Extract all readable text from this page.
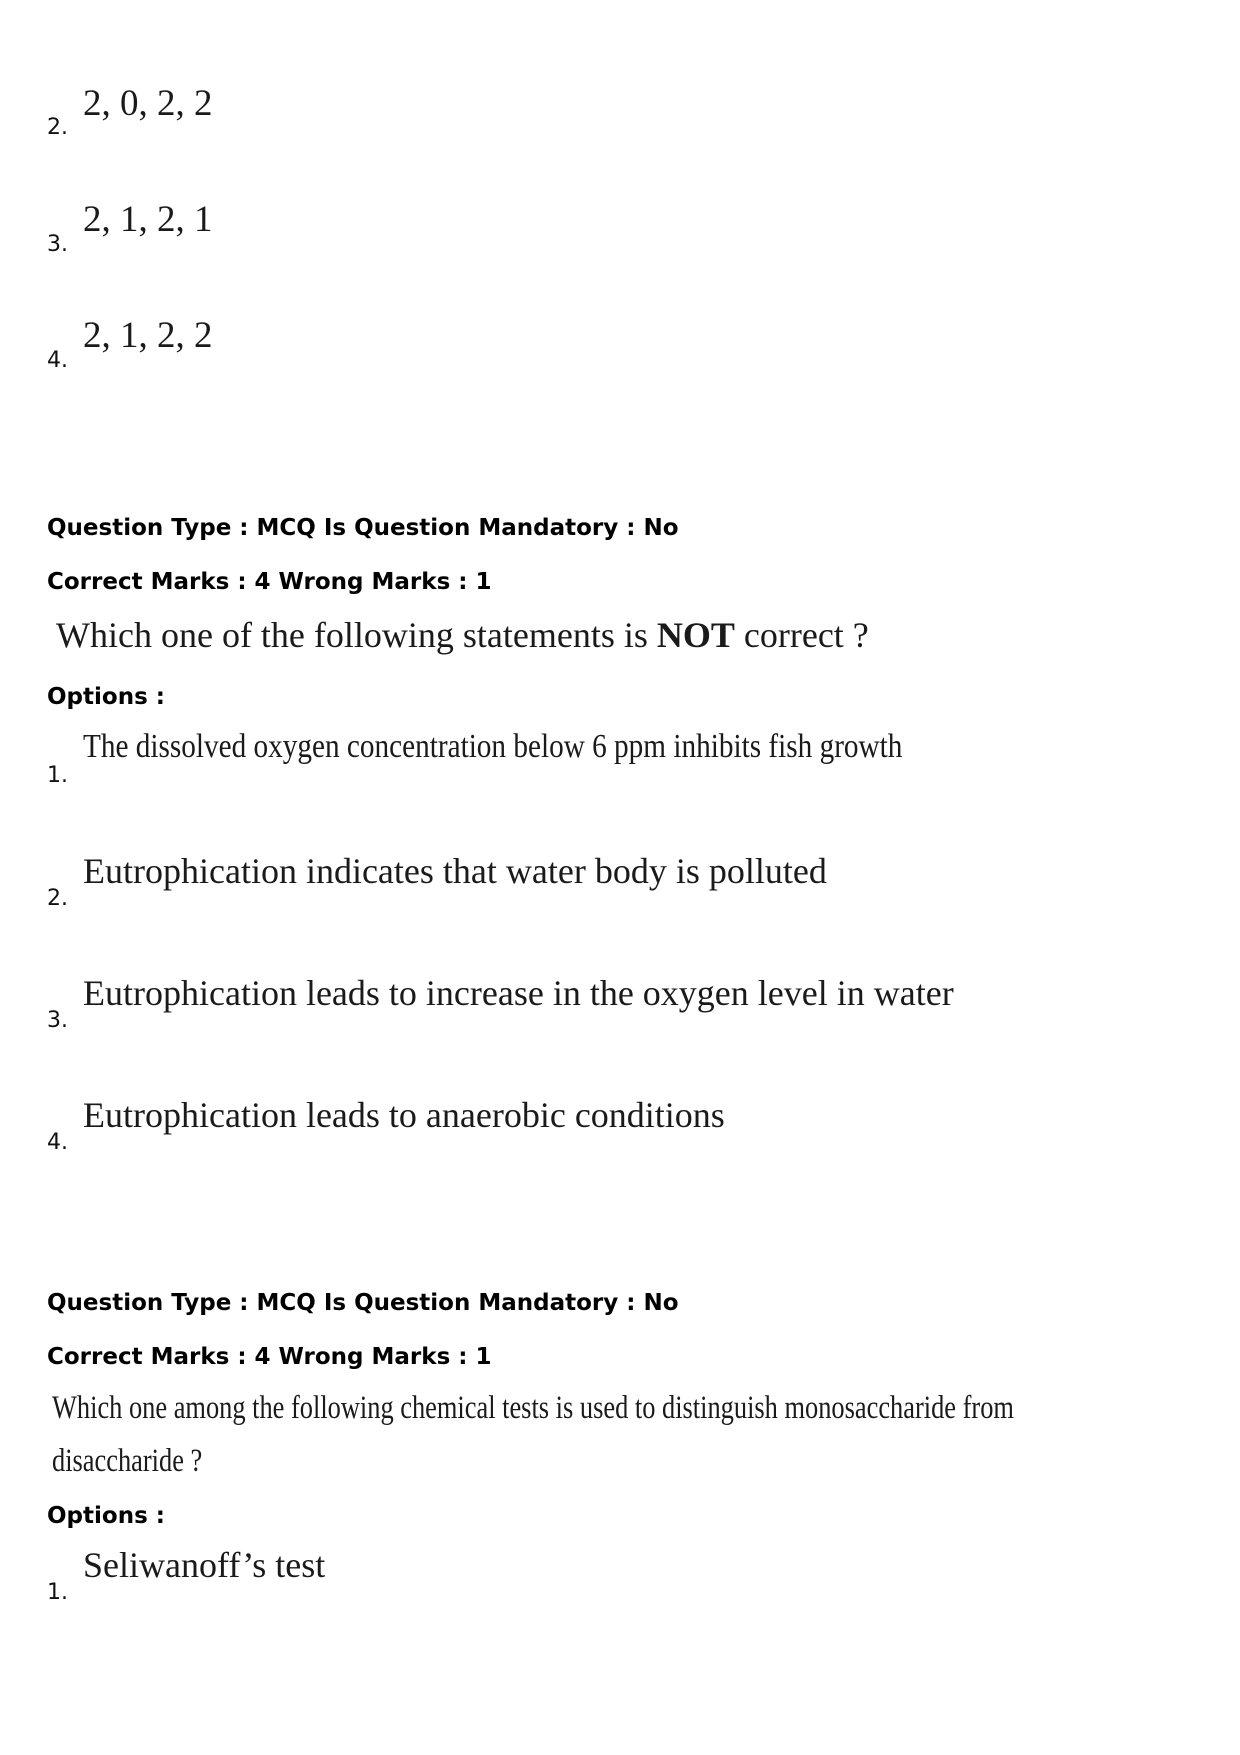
2.
2, 0, 2, 2
3.
2, 1, 2, 1
4.
2, 1, 2, 2
Question Type : MCQ Is Question Mandatory : No
Correct Marks : 4 Wrong Marks : 1
Which one of the following statements is NOT correct ?
Options :
1.
The dissolved oxygen concentration below 6 ppm inhibits fish growth
2.
Eutrophication indicates that water body is polluted
3.
Eutrophication leads to increase in the oxygen level in water
4.
Eutrophication leads to anaerobic conditions
Question Type : MCQ Is Question Mandatory : No
Correct Marks : 4 Wrong Marks : 1
Which one among the following chemical tests is used to distinguish monosaccharide from
disaccharide ?
Options :
1.
Seliwanoff’s test
